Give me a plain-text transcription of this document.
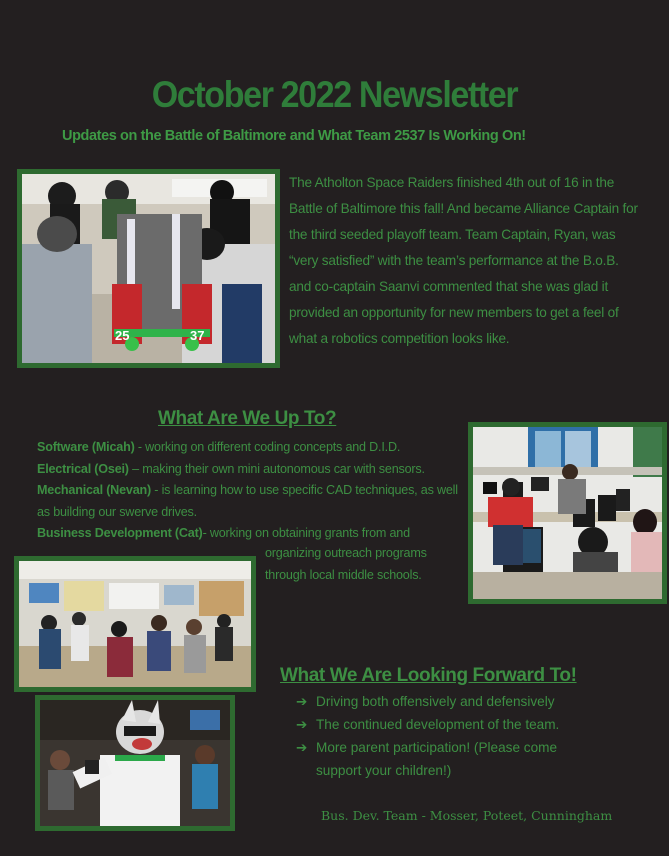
October 2022 Newsletter
Updates on the Battle of Baltimore and What Team 2537 Is Working On!
25	37
The Atholton Space Raiders finished 4th out of 16 in the Battle of Baltimore this fall! And became Alliance Captain for the third seeded playoff team. Team Captain, Ryan, was “very satisfied” with the team’s performance at the B.o.B. and co-captain Saanvi commented that she was glad it provided an opportunity for new members to get a feel of what a robotics competition looks like.
What Are We Up To?
Software (Micah) - working on different coding concepts and D.I.D.
Electrical (Osei) – making their own mini autonomous car with sensors.
Mechanical (Nevan) - is learning how to use specific CAD techniques, as well
as building our swerve drives.
Business Development (Cat)- working on obtaining grants from and
organizing outreach programs
through local middle schools.
What We Are Looking Forward To!
➔ Driving both offensively and defensively
➔ The continued development of the team.
➔ More parent participation! (Please come support your children!)
Bus. Dev. Team - Mosser, Poteet, Cunningham
